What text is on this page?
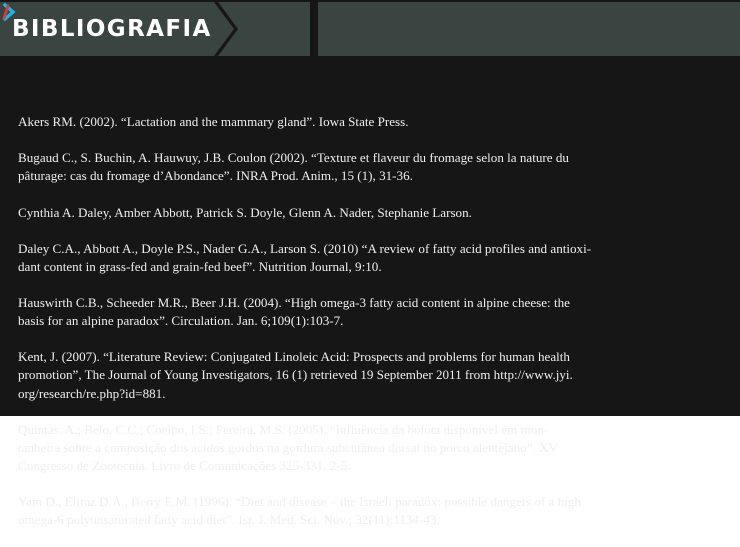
BIBLIOGRAFIA

Akers RM. (2002). “Lactation and the mammary gland”. Iowa State Press.

Bugaud C., S. Buchin, A. Hauwuy, J.B. Coulon (2002). “Texture et flaveur du fromage selon la nature du
pâturage: cas du fromage d’Abondance”. INRA Prod. Anim., 15 (1), 31-36.

Cynthia A. Daley, Amber Abbott, Patrick S. Doyle, Glenn A. Nader, Stephanie Larson.

Daley C.A., Abbott A., Doyle P.S., Nader G.A., Larson S. (2010) “A review of fatty acid profiles and antioxi-
dant content in grass-fed and grain-fed beef”. Nutrition Journal, 9:10.

Hauswirth C.B., Scheeder M.R., Beer J.H. (2004). “High omega-3 fatty acid content in alpine cheese: the
basis for an alpine paradox”. Circulation. Jan. 6;109(1):103-7.

Kent, J. (2007). “Literature Review: Conjugated Linoleic Acid: Prospects and problems for human health
promotion”, The Journal of Young Investigators, 16 (1) retrieved 19 September 2011 from http://www.jyi.
org/research/re.php?id=881.

Quintas, A.; Belo, C.C.; Coelho, I.S.; Pereira, M.S. (2005). “Influência da bolota disponível em mon-
tanheira sobre a composição dos ácidos gordos na gordura subcutânea dorsal no porco alentejano”. XV
Congresso de Zootecnia. Livro de Comunicações 325-331. 2-5.

Yam D., Eliraz D.A., Berry E.M. (1996). “Diet and disease – the Israeli paradox: possible dangers of a high
omega-6 polyunsaturated fatty acid diet”. Isr. J. Med. Sci. Nov.; 32(11):1134-43.
